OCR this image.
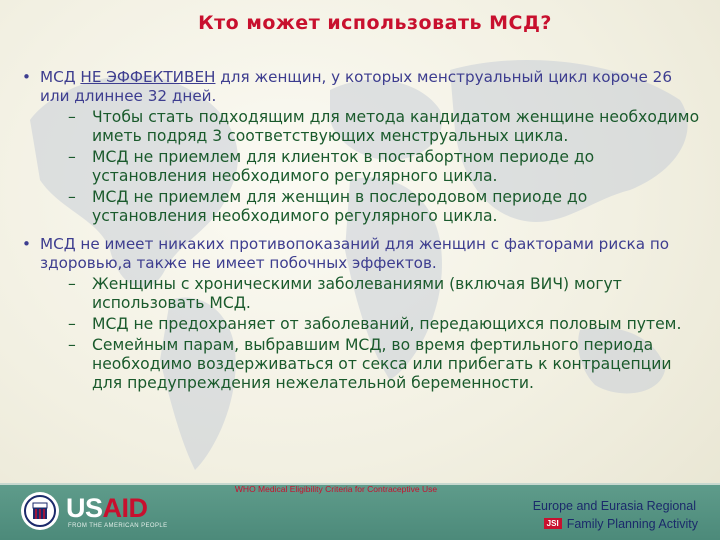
Кто может использовать МСД?
• МСД НЕ ЭФФЕКТИВЕН для женщин, у которых менструальный цикл короче 26 или длиннее 32 дней.
– Чтобы стать подходящим для метода кандидатом женщине необходимо иметь подряд 3 соответствующих менструальных цикла.
– МСД не приемлем для клиенток в постабортном периоде до установления необходимого регулярного цикла.
– МСД не приемлем для женщин в послеродовом периоде до установления необходимого регулярного цикла.
• МСД не имеет никаких противопоказаний для женщин с факторами риска по здоровью,а также не имеет побочных эффектов.
– Женщины с хроническими заболеваниями (включая ВИЧ) могут использовать МСД.
– МСД не предохраняет от заболеваний, передающихся половым путем.
– Семейным парам, выбравшим МСД, во время фертильного периода необходимо воздерживаться от секса или прибегать к контрацепции для предупреждения нежелательной беременности.
USAID
FROM THE AMERICAN PEOPLE
WHO Medical Eligibility Criteria for Contraceptive Use
Europe and Eurasia Regional
JSI Family Planning Activity
